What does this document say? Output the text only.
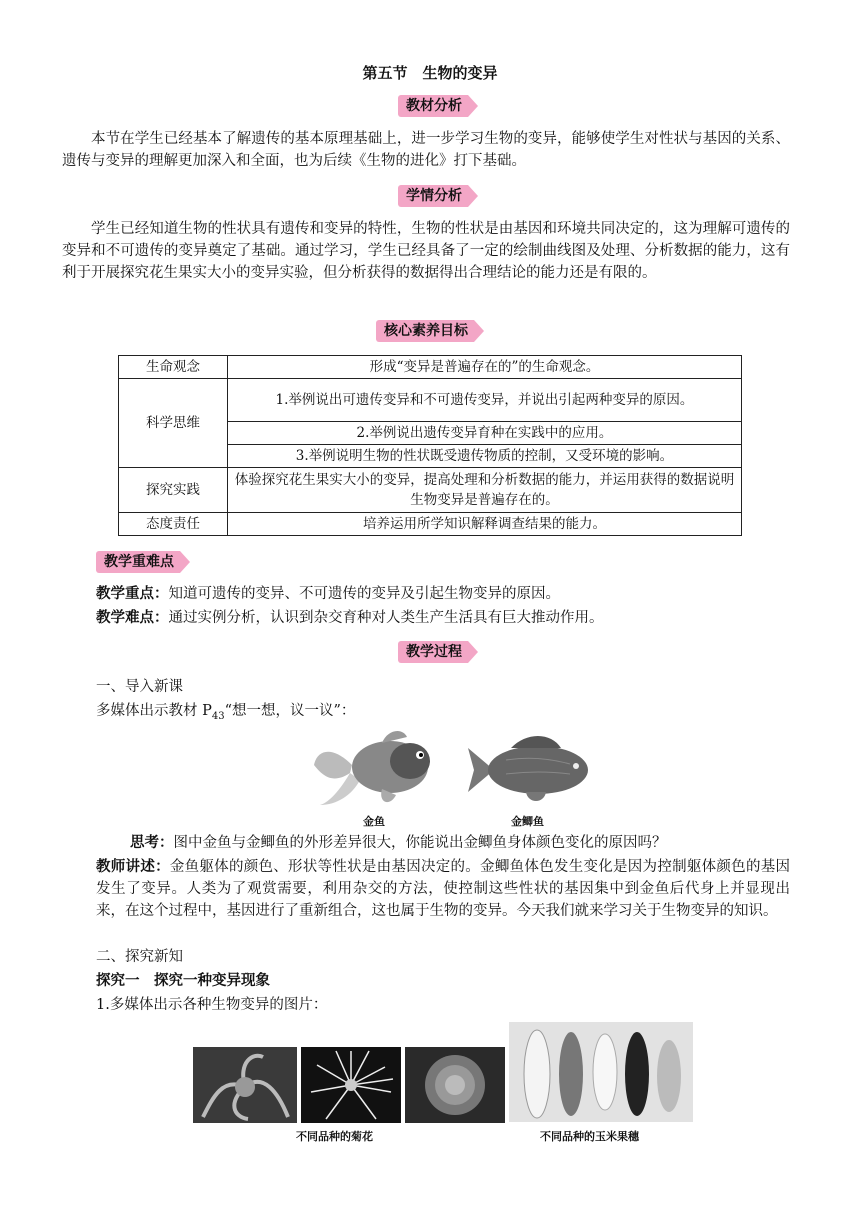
第五节　生物的变异
教材分析
本节在学生已经基本了解遗传的基本原理基础上，进一步学习生物的变异，能够使学生对性状与基因的关系、遗传与变异的理解更加深入和全面，也为后续《生物的进化》打下基础。
学情分析
学生已经知道生物的性状具有遗传和变异的特性，生物的性状是由基因和环境共同决定的，这为理解可遗传的变异和不可遗传的变异奠定了基础。通过学习，学生已经具备了一定的绘制曲线图及处理、分析数据的能力，这有利于开展探究花生果实大小的变异实验，但分析获得的数据得出合理结论的能力还是有限的。
核心素养目标
生命观念	形成“变异是普遍存在的”的生命观念。
科学思维	1.举例说出可遗传变异和不可遗传变异，并说出引起两种变异的原因。
	2.举例说出遗传变异育种在实践中的应用。
	3.举例说明生物的性状既受遗传物质的控制，又受环境的影响。
探究实践	体验探究花生果实大小的变异，提高处理和分析数据的能力，并运用获得的数据说明生物变异是普遍存在的。
态度责任	培养运用所学知识解释调查结果的能力。
教学重难点
教学重点：知道可遗传的变异、不可遗传的变异及引起生物变异的原因。
教学难点：通过实例分析，认识到杂交育种对人类生产生活具有巨大推动作用。
教学过程
一、导入新课
多媒体出示教材 $P_{43}“$想一想，议一议”：
金鱼	金鲫鱼
思考：图中金鱼与金鲫鱼的外形差异很大，你能说出金鲫鱼身体颜色变化的原因吗？
教师讲述：金鱼躯体的颜色、形状等性状是由基因决定的。金鲫鱼体色发生变化是因为控制躯体颜色的基因发生了变异。人类为了观赏需要，利用杂交的方法，使控制这些性状的基因集中到金鱼后代身上并显现出来，在这个过程中，基因进行了重新组合，这也属于生物的变异。今天我们就来学习关于生物变异的知识。
二、探究新知
探究一　探究一种变异现象
1.多媒体出示各种生物变异的图片：
不同品种的菊花	不同品种的玉米果穗
